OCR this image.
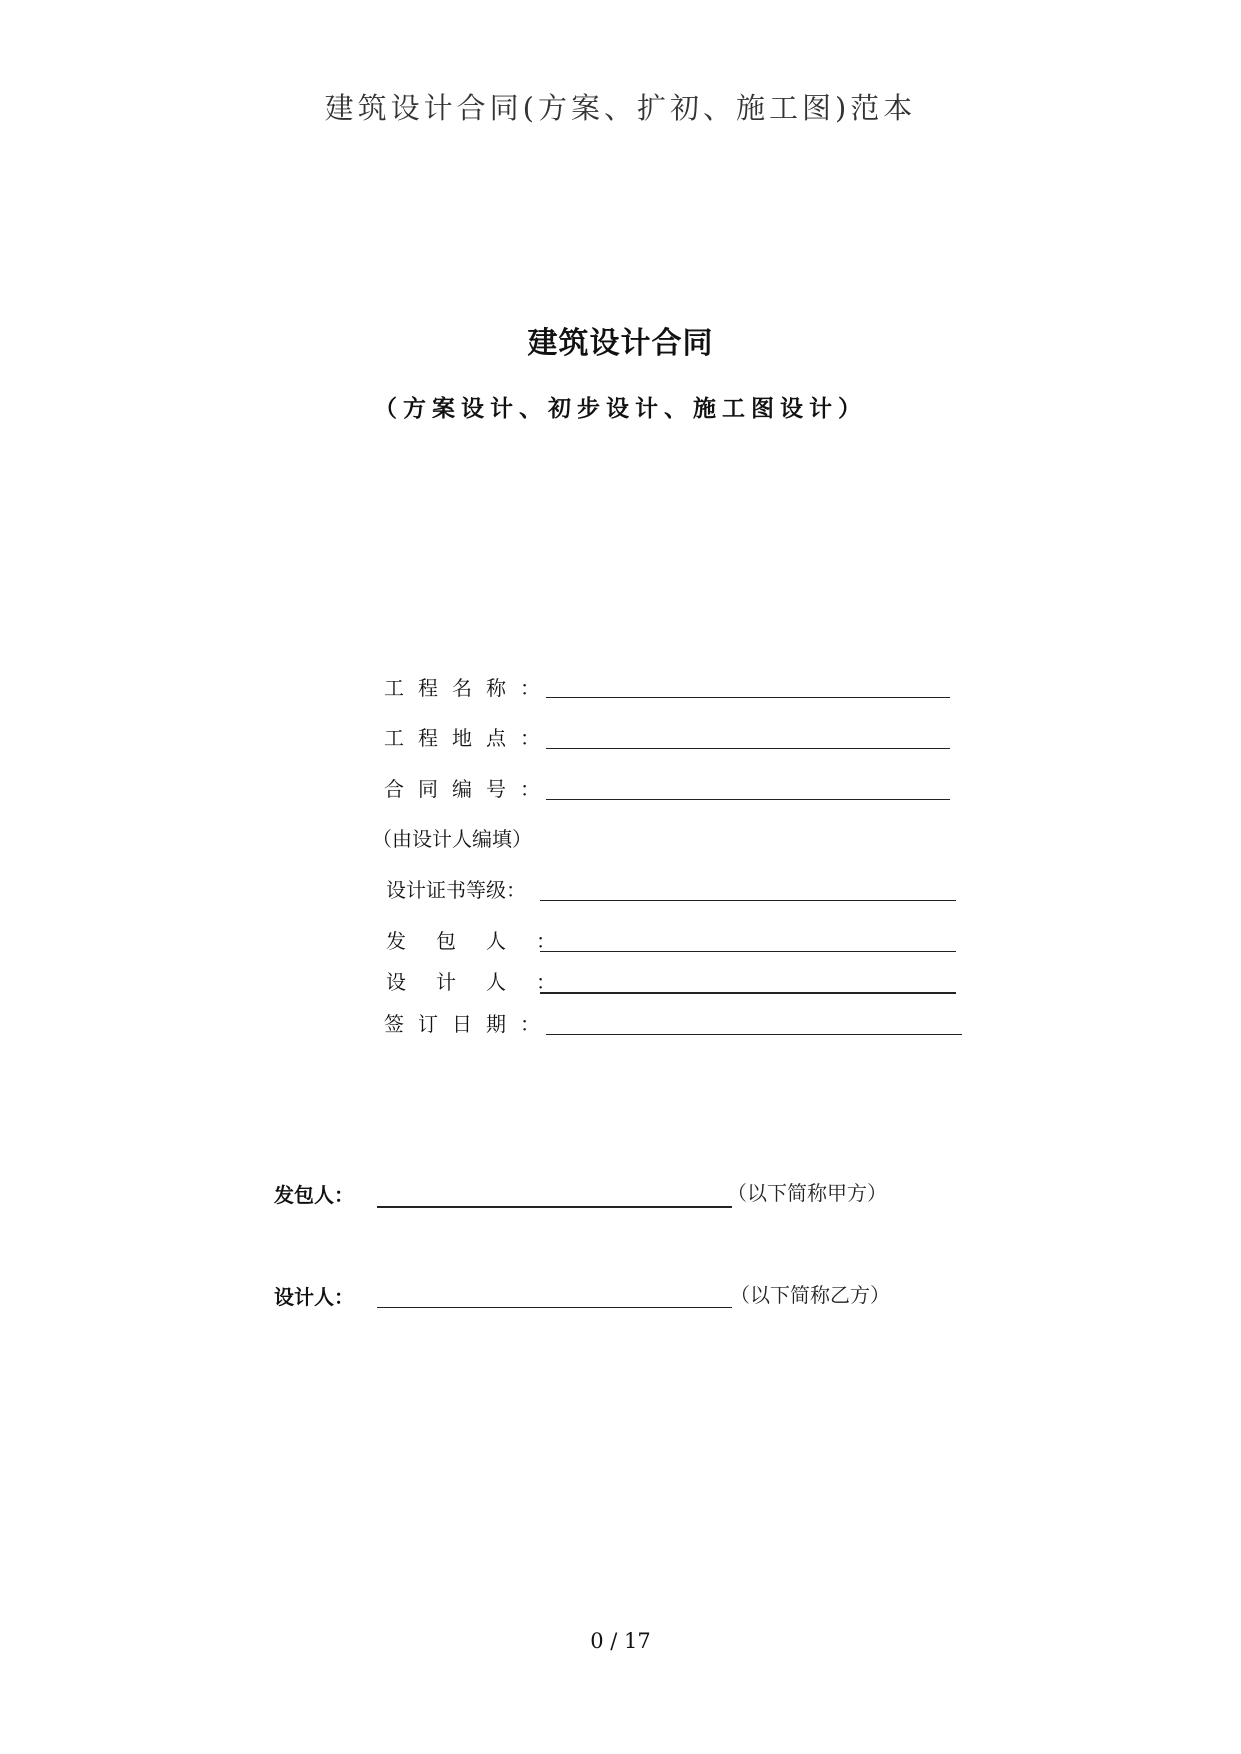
建筑设计合同(方案、扩初、施工图)范本
建筑设计合同
（方案设计、初步设计、施工图设计）
工程名称：
工程地点：
合同编号：
（由设计人编填）
设计证书等级：
发包人：
设计人：
签订日期：
发包人：	（以下简称甲方）
设计人：	（以下简称乙方）
0 / 17
